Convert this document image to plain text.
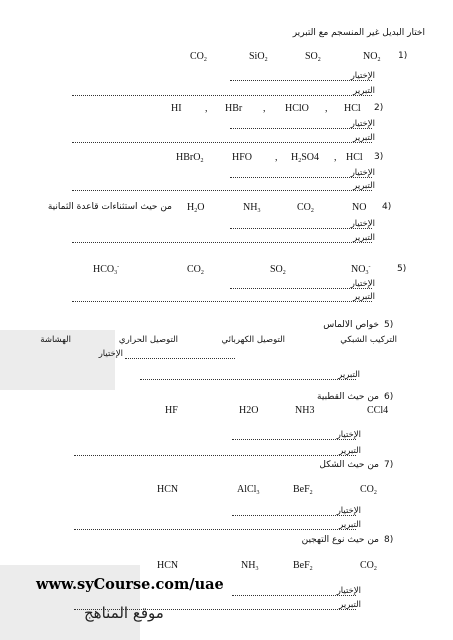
اختار البديل غير المنسجم مع التبرير
1)
$CO_2$	SiO$_2$	$SO_2$	$NO_2$
الإختيار
التبرير
2)
HI , HBr , HClO , HCl
الإختيار
التبرير
3)
HBrO$_2$	HFO , $H_2SO4$ , HCl
الإختيار
التبرير
4)
من حيث استثناءات قاعدة الثمانية $H_2O$	$NH_3$	$CO_2$	NO
الإختيار
التبرير
5)
$HCO_3^-$	$CO_2$	$SO_2$	$NO_3^-$
الإختيار
التبرير
5)
خواص الالماس
الهشاشة	التوصيل الحراري	التوصيل الكهربائي	التركيب الشبكي
الإختيار
التبرير
6)
من حيث القطبية
HF	H2O	NH3	CCl4
الإختيار
التبرير
7)
من حيث الشكل
HCN	AlCl$_3$	BeF$_2$	$CO_2$
الإختيار
التبرير
8)
من حيث نوع التهجين
HCN	$NH_3$	BeF$_2$	$CO_2$
الإختيار
التبرير
www.syCourse.com/uae
موقع المناهج
